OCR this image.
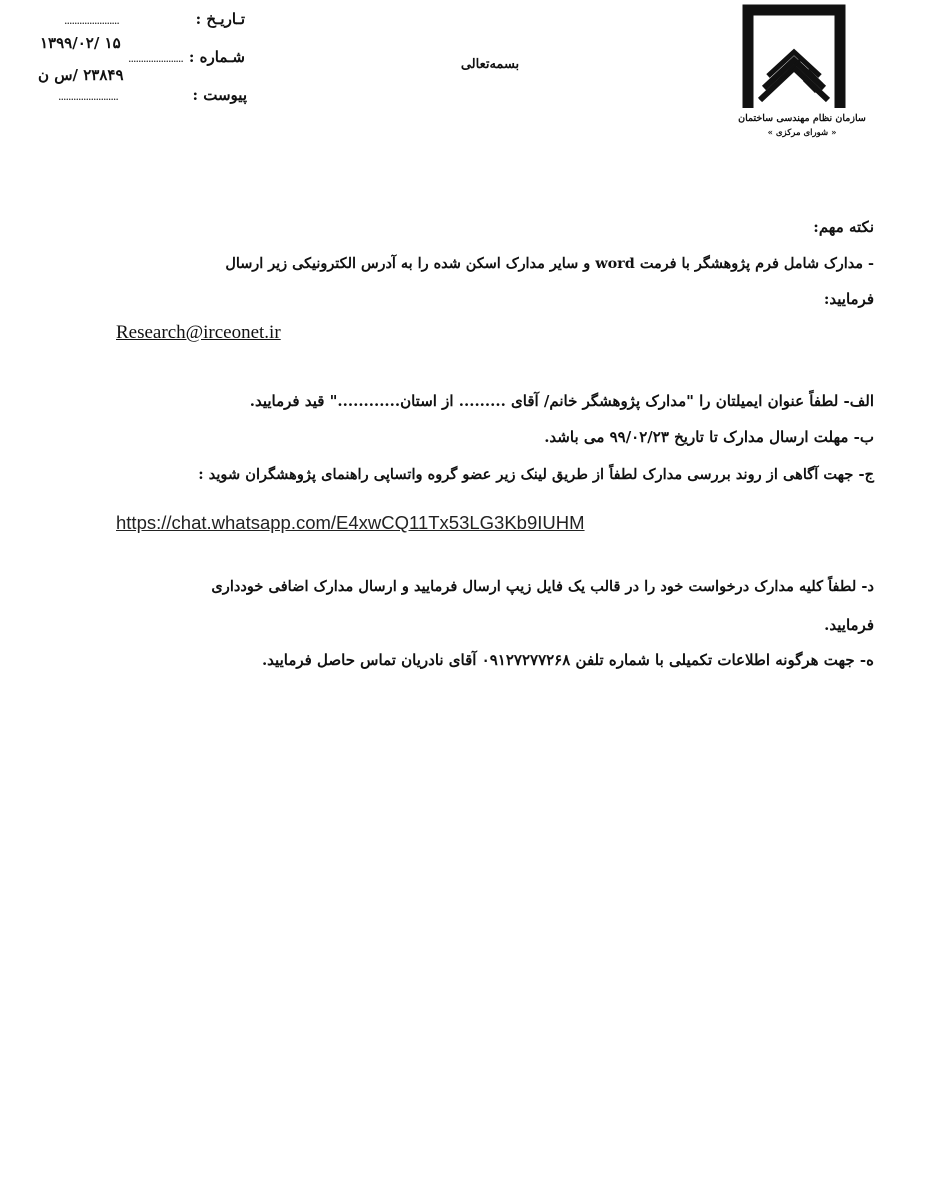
سازمان نظام مهندسی ساختمان
« شورای مرکزی »
بسمه‌تعالی
تـاریـخ :
......................
۱۳۹۹/۰۲/ ۱۵
شـماره :
......................
۲۳۸۴۹ /س ن
پیوست :
........................
نکته مهم:
- مدارک شامل فرم پژوهشگر با فرمت word و سایر مدارک اسکن شده را به آدرس الکترونیکی زیر ارسال
فرمایید:
Research@irceonet.ir
الف- لطفاً عنوان ایمیلتان را "مدارک پژوهشگر خانم/ آقای ......... از استان............" قید فرمایید.
ب- مهلت ارسال مدارک تا تاریخ ۹۹/۰۲/۲۳ می باشد.
ج- جهت آگاهی از روند بررسی مدارک لطفاً از طریق لینک زیر عضو گروه واتساپی راهنمای پژوهشگران شوید :
https://chat.whatsapp.com/E4xwCQ11Tx53LG3Kb9IUHM
د- لطفاً کلیه مدارک درخواست خود را در قالب یک فایل زیپ ارسال فرمایید و ارسال مدارک اضافی خودداری
فرمایید.
ه- جهت هرگونه اطلاعات تکمیلی با شماره تلفن ۰۹۱۲۷۲۷۷۲۶۸ آقای نادریان تماس حاصل فرمایید.
